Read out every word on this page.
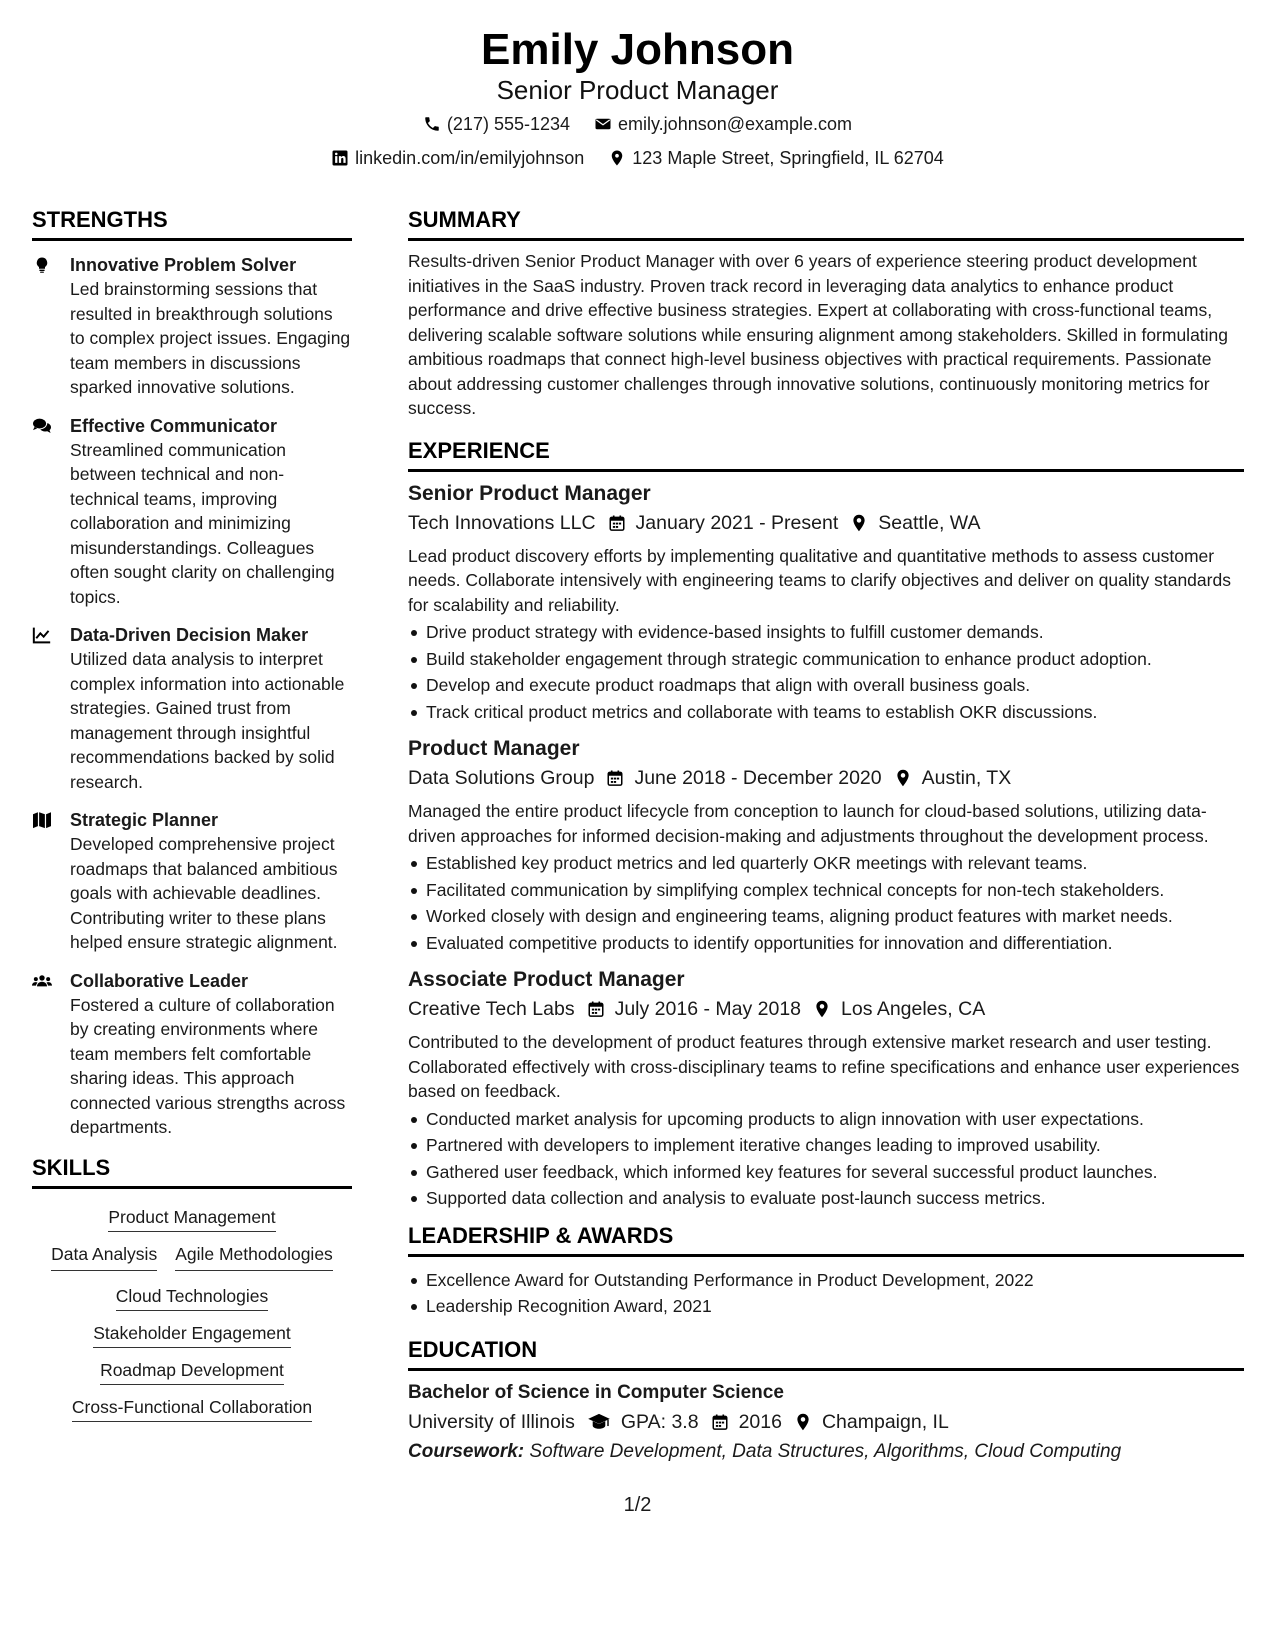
Emily Johnson
Senior Product Manager
(217) 555-1234	emily.johnson@example.com
linkedin.com/in/emilyjohnson	123 Maple Street, Springfield, IL 62704
STRENGTHS
Innovative Problem Solver
Led brainstorming sessions that resulted in breakthrough solutions to complex project issues. Engaging team members in discussions sparked innovative solutions.
Effective Communicator
Streamlined communication between technical and non-technical teams, improving collaboration and minimizing misunderstandings. Colleagues often sought clarity on challenging topics.
Data-Driven Decision Maker
Utilized data analysis to interpret complex information into actionable strategies. Gained trust from management through insightful recommendations backed by solid research.
Strategic Planner
Developed comprehensive project roadmaps that balanced ambitious goals with achievable deadlines. Contributing writer to these plans helped ensure strategic alignment.
Collaborative Leader
Fostered a culture of collaboration by creating environments where team members felt comfortable sharing ideas. This approach connected various strengths across departments.
SKILLS
Product Management
Data Analysis Agile Methodologies
Cloud Technologies
Stakeholder Engagement
Roadmap Development
Cross-Functional Collaboration
SUMMARY
Results-driven Senior Product Manager with over 6 years of experience steering product development initiatives in the SaaS industry. Proven track record in leveraging data analytics to enhance product performance and drive effective business strategies. Expert at collaborating with cross-functional teams, delivering scalable software solutions while ensuring alignment among stakeholders. Skilled in formulating ambitious roadmaps that connect high-level business objectives with practical requirements. Passionate about addressing customer challenges through innovative solutions, continuously monitoring metrics for success.
EXPERIENCE
Senior Product Manager
Tech Innovations LLC January 2021 - Present Seattle, WA
Lead product discovery efforts by implementing qualitative and quantitative methods to assess customer needs. Collaborate intensively with engineering teams to clarify objectives and deliver on quality standards for scalability and reliability.
Drive product strategy with evidence-based insights to fulfill customer demands.
Build stakeholder engagement through strategic communication to enhance product adoption.
Develop and execute product roadmaps that align with overall business goals.
Track critical product metrics and collaborate with teams to establish OKR discussions.
Product Manager
Data Solutions Group June 2018 - December 2020 Austin, TX
Managed the entire product lifecycle from conception to launch for cloud-based solutions, utilizing data-driven approaches for informed decision-making and adjustments throughout the development process.
Established key product metrics and led quarterly OKR meetings with relevant teams.
Facilitated communication by simplifying complex technical concepts for non-tech stakeholders.
Worked closely with design and engineering teams, aligning product features with market needs.
Evaluated competitive products to identify opportunities for innovation and differentiation.
Associate Product Manager
Creative Tech Labs July 2016 - May 2018 Los Angeles, CA
Contributed to the development of product features through extensive market research and user testing. Collaborated effectively with cross-disciplinary teams to refine specifications and enhance user experiences based on feedback.
Conducted market analysis for upcoming products to align innovation with user expectations.
Partnered with developers to implement iterative changes leading to improved usability.
Gathered user feedback, which informed key features for several successful product launches.
Supported data collection and analysis to evaluate post-launch success metrics.
LEADERSHIP & AWARDS
Excellence Award for Outstanding Performance in Product Development, 2022
Leadership Recognition Award, 2021
EDUCATION
Bachelor of Science in Computer Science
University of Illinois GPA: 3.8 2016 Champaign, IL
Coursework: Software Development, Data Structures, Algorithms, Cloud Computing
1/2
